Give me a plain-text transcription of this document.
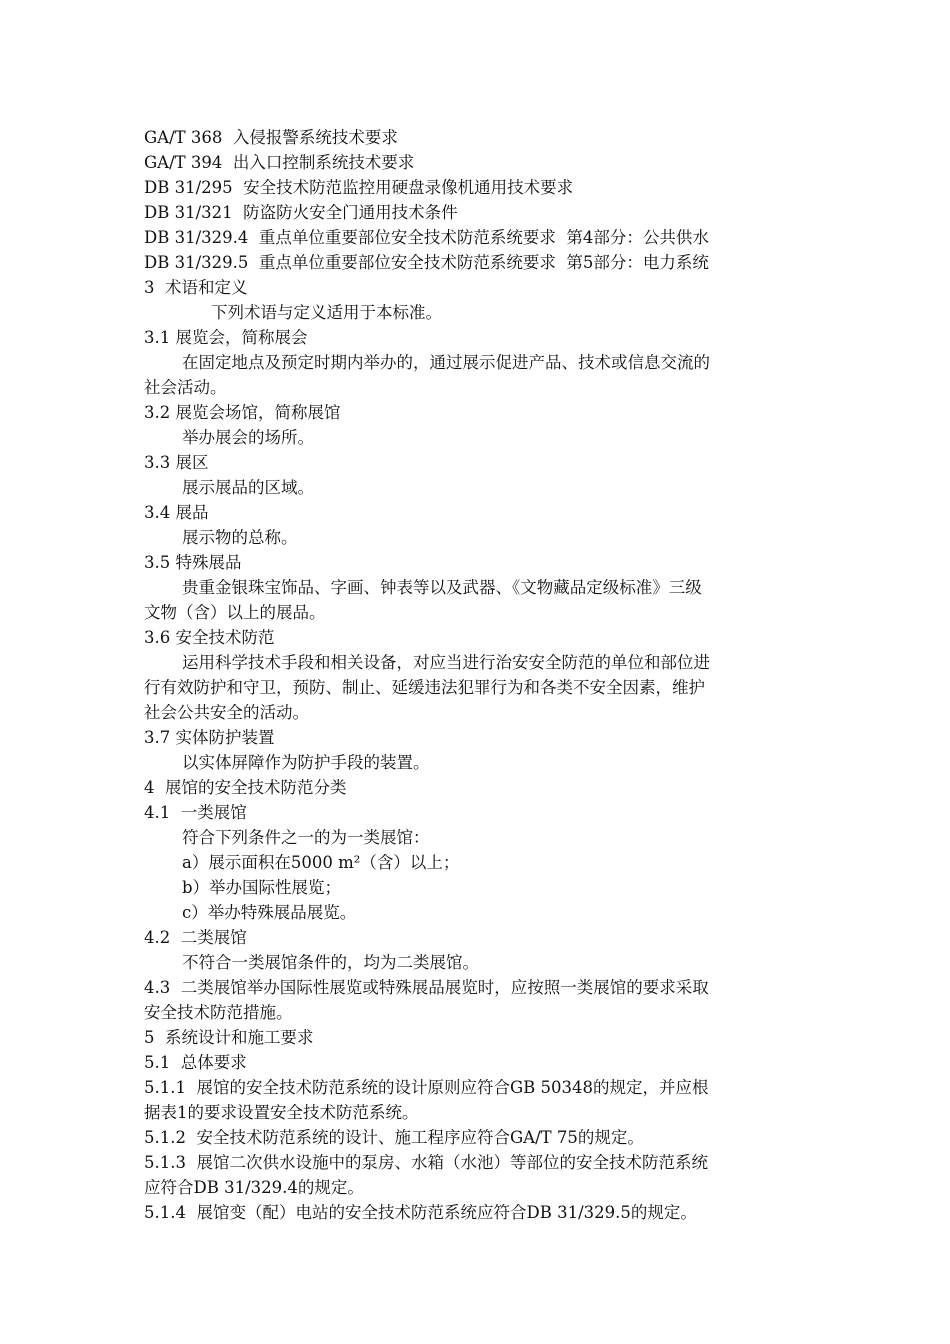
GA/T 368  入侵报警系统技术要求
GA/T 394  出入口控制系统技术要求
DB 31/295  安全技术防范监控用硬盘录像机通用技术要求
DB 31/321  防盗防火安全门通用技术条件
DB 31/329.4  重点单位重要部位安全技术防范系统要求  第4部分：公共供水
DB 31/329.5  重点单位重要部位安全技术防范系统要求  第5部分：电力系统
3  术语和定义
下列术语与定义适用于本标准。
3.1 展览会，简称展会
在固定地点及预定时期内举办的，通过展示促进产品、技术或信息交流的
社会活动。
3.2 展览会场馆，简称展馆
举办展会的场所。
3.3 展区
展示展品的区域。
3.4 展品
展示物的总称。
3.5 特殊展品
贵重金银珠宝饰品、字画、钟表等以及武器、《文物藏品定级标准》三级
文物（含）以上的展品。
3.6 安全技术防范
运用科学技术手段和相关设备，对应当进行治安安全防范的单位和部位进
行有效防护和守卫，预防、制止、延缓违法犯罪行为和各类不安全因素，维护
社会公共安全的活动。
3.7 实体防护装置
以实体屏障作为防护手段的装置。
4  展馆的安全技术防范分类
4.1  一类展馆
符合下列条件之一的为一类展馆：
a）展示面积在5000 m²（含）以上；
b）举办国际性展览；
c）举办特殊展品展览。
4.2  二类展馆
不符合一类展馆条件的，均为二类展馆。
4.3  二类展馆举办国际性展览或特殊展品展览时，应按照一类展馆的要求采取
安全技术防范措施。
5  系统设计和施工要求
5.1  总体要求
5.1.1  展馆的安全技术防范系统的设计原则应符合GB 50348的规定，并应根
据表1的要求设置安全技术防范系统。
5.1.2  安全技术防范系统的设计、施工程序应符合GA/T 75的规定。
5.1.3  展馆二次供水设施中的泵房、水箱（水池）等部位的安全技术防范系统
应符合DB 31/329.4的规定。
5.1.4  展馆变（配）电站的安全技术防范系统应符合DB 31/329.5的规定。
